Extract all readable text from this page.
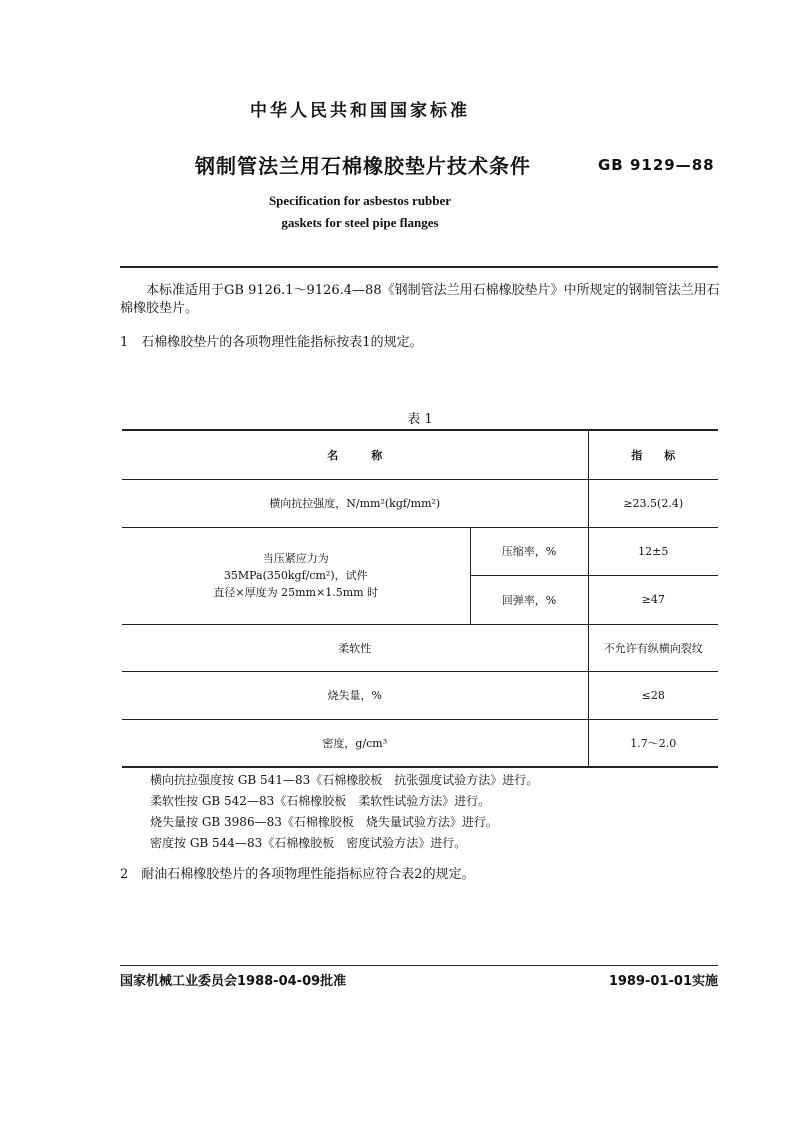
中华人民共和国国家标准
钢制管法兰用石棉橡胶垫片技术条件	GB 9129—88
Specification for asbestos rubber
gaskets for steel pipe flanges
本标准适用于GB 9126.1～9126.4—88《钢制管法兰用石棉橡胶垫片》中所规定的钢制管法兰用石棉橡胶垫片。
1　 石棉橡胶垫片的各项物理性能指标按表1的规定。
表 1
名　　　称		指　　标
横向抗拉强度，N/mm²(kgf/mm²)		≥23.5(2.4)

当压紧应力为
35MPa(350kgf/cm²)，试件
直径×厚度为 25mm×1.5mm 时	压缩率，%	12±5
	回弹率，%	≥47
柔软性		不允许有纵横向裂纹
烧失量，%		≤28
密度，g/cm³		1.7～2.0
横向抗拉强度按 GB 541—83《石棉橡胶板　抗张强度试验方法》进行。
柔软性按 GB 542—83《石棉橡胶板　柔软性试验方法》进行。
烧失量按 GB 3986—83《石棉橡胶板　烧失量试验方法》进行。
密度按 GB 544—83《石棉橡胶板　密度试验方法》进行。
2　 耐油石棉橡胶垫片的各项物理性能指标应符合表2的规定。
国家机械工业委员会1988-04-09批准	1989-01-01实施
